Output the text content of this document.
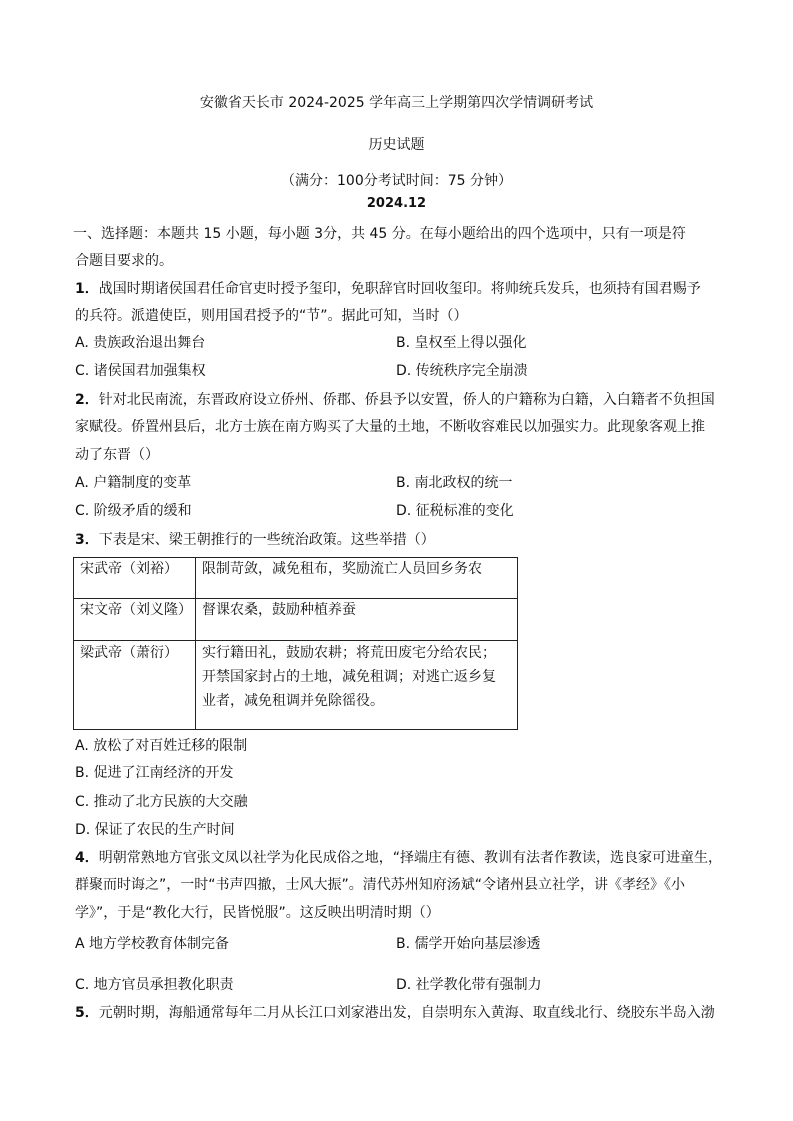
安徽省天长市 2024-2025 学年高三上学期第四次学情调研考试
历史试题
（满分：100分考试时间：75 分钟）
2024.12
一、选择题：本题共 15 小题，每小题 3分，共 45 分。在每小题给出的四个选项中，只有一项是符
合题目要求的。
1．战国时期诸侯国君任命官吏时授予玺印，免职辞官时回收玺印。将帅统兵发兵，也须持有国君赐予
的兵符。派遣使臣，则用国君授予的“节”。据此可知，当时（）
A. 贵族政治退出舞台	B. 皇权至上得以强化
C. 诸侯国君加强集权	D. 传统秩序完全崩溃
2．针对北民南流，东晋政府设立侨州、侨郡、侨县予以安置，侨人的户籍称为白籍，入白籍者不负担国
家赋役。侨置州县后，北方士族在南方购买了大量的土地，不断收容难民以加强实力。此现象客观上推
动了东晋（）
A. 户籍制度的变革	B. 南北政权的统一
C. 阶级矛盾的缓和	D. 征税标准的变化
3．下表是宋、梁王朝推行的一些统治政策。这些举措（）
宋武帝（刘裕）	限制苛敛，减免租布，奖励流亡人员回乡务农
宋文帝（刘义隆）	督课农桑，鼓励种植养蚕
梁武帝（萧衍）	实行籍田礼，鼓励农耕；将荒田废宅分给农民；
开禁国家封占的土地，减免租调；对逃亡返乡复
业者，减免租调并免除徭役。
A. 放松了对百姓迁移的限制
B. 促进了江南经济的开发
C. 推动了北方民族的大交融
D. 保证了农民的生产时间
4．明朝常熟地方官张文凤以社学为化民成俗之地，“择端庄有德、教训有法者作教读，选良家可进童生，
群聚而时诲之”，一时“书声四撤，士风大振”。清代苏州知府汤斌“令诸州县立社学，讲《孝经》《小
学》”，于是“教化大行，民皆悦服”。这反映出明清时期（）
A 地方学校教育体制完备	B. 儒学开始向基层渗透
C. 地方官员承担教化职责	D. 社学教化带有强制力
5．元朝时期，海船通常每年二月从长江口刘家港出发，自崇明东入黄海、取直线北行、绕胶东半岛入渤
